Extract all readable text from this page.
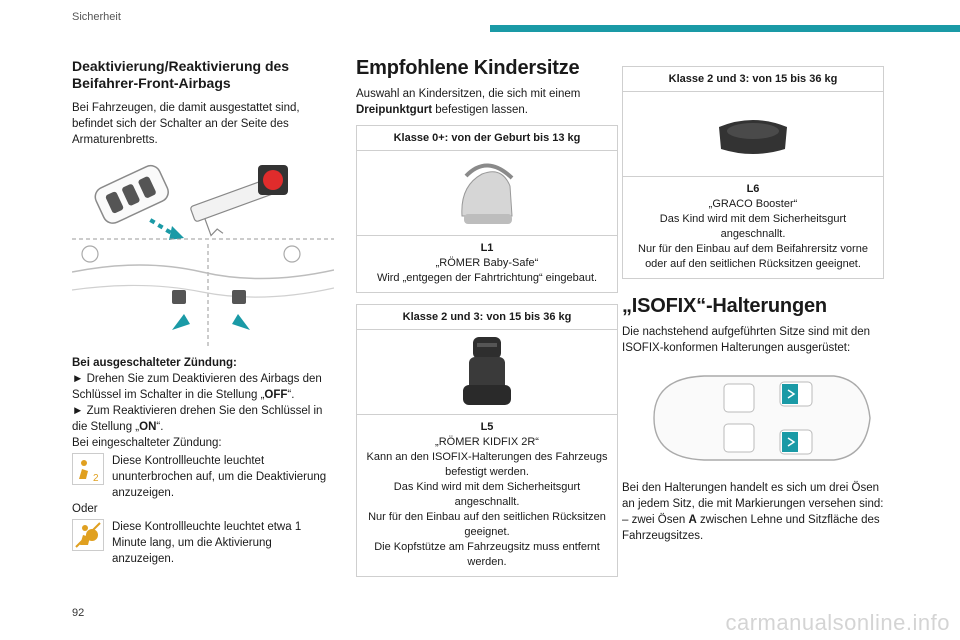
Sicherheit
Deaktivierung/Reaktivierung des Beifahrer-Front-Airbags

Bei Fahrzeugen, die damit ausgestattet sind, befindet sich der Schalter an der Seite des Armaturenbretts.

Bei ausgeschalteter Zündung:

► Drehen Sie zum Deaktivieren des Airbags den Schlüssel im Schalter in die Stellung „OFF“.

► Zum Reaktivieren drehen Sie den Schlüssel in die Stellung „ON“.

Bei eingeschalteter Zündung:

2

Diese Kontrollleuchte leuchtet ununterbrochen auf, um die Deaktivierung anzuzeigen.

Oder

Diese Kontrollleuchte leuchtet etwa 1 Minute lang, um die Aktivierung anzuzeigen.

Empfohlene Kindersitze

Auswahl an Kindersitzen, die sich mit einem Dreipunktgurt befestigen lassen.

Klasse 0+: von der Geburt bis 13 kg
L1
„RÖMER Baby-Safe“
Wird „entgegen der Fahrtrichtung“ eingebaut.
Klasse 2 und 3: von 15 bis 36 kg
L5
„RÖMER KIDFIX 2R“
Kann an den ISOFIX-Halterungen des Fahrzeugs befestigt werden.
Das Kind wird mit dem Sicherheitsgurt angeschnallt.
Nur für den Einbau auf den seitlichen Rücksitzen geeignet.
Die Kopfstütze am Fahrzeugsitz muss entfernt werden.
Klasse 2 und 3: von 15 bis 36 kg
L6
„GRACO Booster“
Das Kind wird mit dem Sicherheitsgurt angeschnallt.
Nur für den Einbau auf dem Beifahrersitz vorne oder auf den seitlichen Rücksitzen geeignet.
„ISOFIX“-Halterungen

Die nachstehend aufgeführten Sitze sind mit den ISOFIX-konformen Halterungen ausgerüstet:

Bei den Halterungen handelt es sich um drei Ösen an jedem Sitz, die mit Markierungen versehen sind:

– zwei Ösen A zwischen Lehne und Sitzfläche des Fahrzeugsitzes.

92	carmanualsonline.info
